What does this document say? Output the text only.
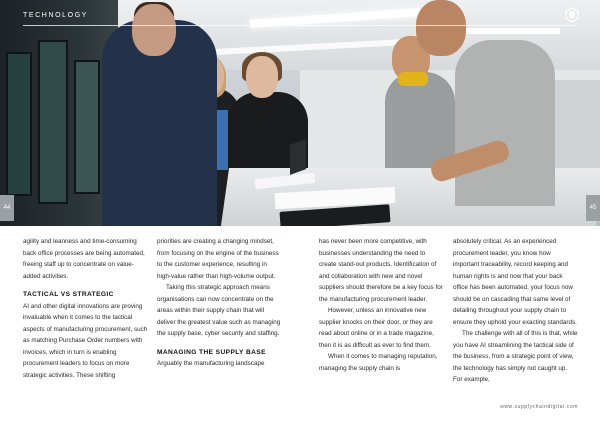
TECHNOLOGY
44	45

agility and leanness and time-consuming back office processes are being automated, freeing staff up to concentrate on value-added activities.

TACTICAL VS STRATEGIC

AI and other digital innovations are proving invaluable when it comes to the tactical aspects of manufacturing procurement, such as matching Purchase Order numbers with invoices, which in turn is enabling procurement leaders to focus on more strategic activities. These shifting

priorities are creating a changing mindset, from focusing on the engine of the business to the customer experience, resulting in high-value rather than high-volume output.

Taking this strategic approach means organisations can now concentrate on the areas within their supply chain that will deliver the greatest value such as managing the supply base, cyber security and staffing.

MANAGING THE SUPPLY BASE

Arguably the manufacturing landscape

has never been more competitive, with businesses understanding the need to create stand-out products. Identification of and collaboration with new and novel suppliers should therefore be a key focus for the manufacturing procurement leader.

However, unless an innovative new supplier knocks on their door, or they are read about online or in a trade magazine, then it is as difficult as ever to find them.

When it comes to managing reputation, managing the supply chain is

absolutely critical. As an experienced procurement leader, you know how important traceability, record keeping and human rights is and now that your back office has been automated, your focus now should be on cascading that same level of detailing throughout your supply chain to ensure they uphold your exacting standards.

The challenge with all of this is that, while you have AI streamlining the tactical side of the business, from a strategic point of view, the technology has simply not caught up. For example,

www.supplychaindigital.com
